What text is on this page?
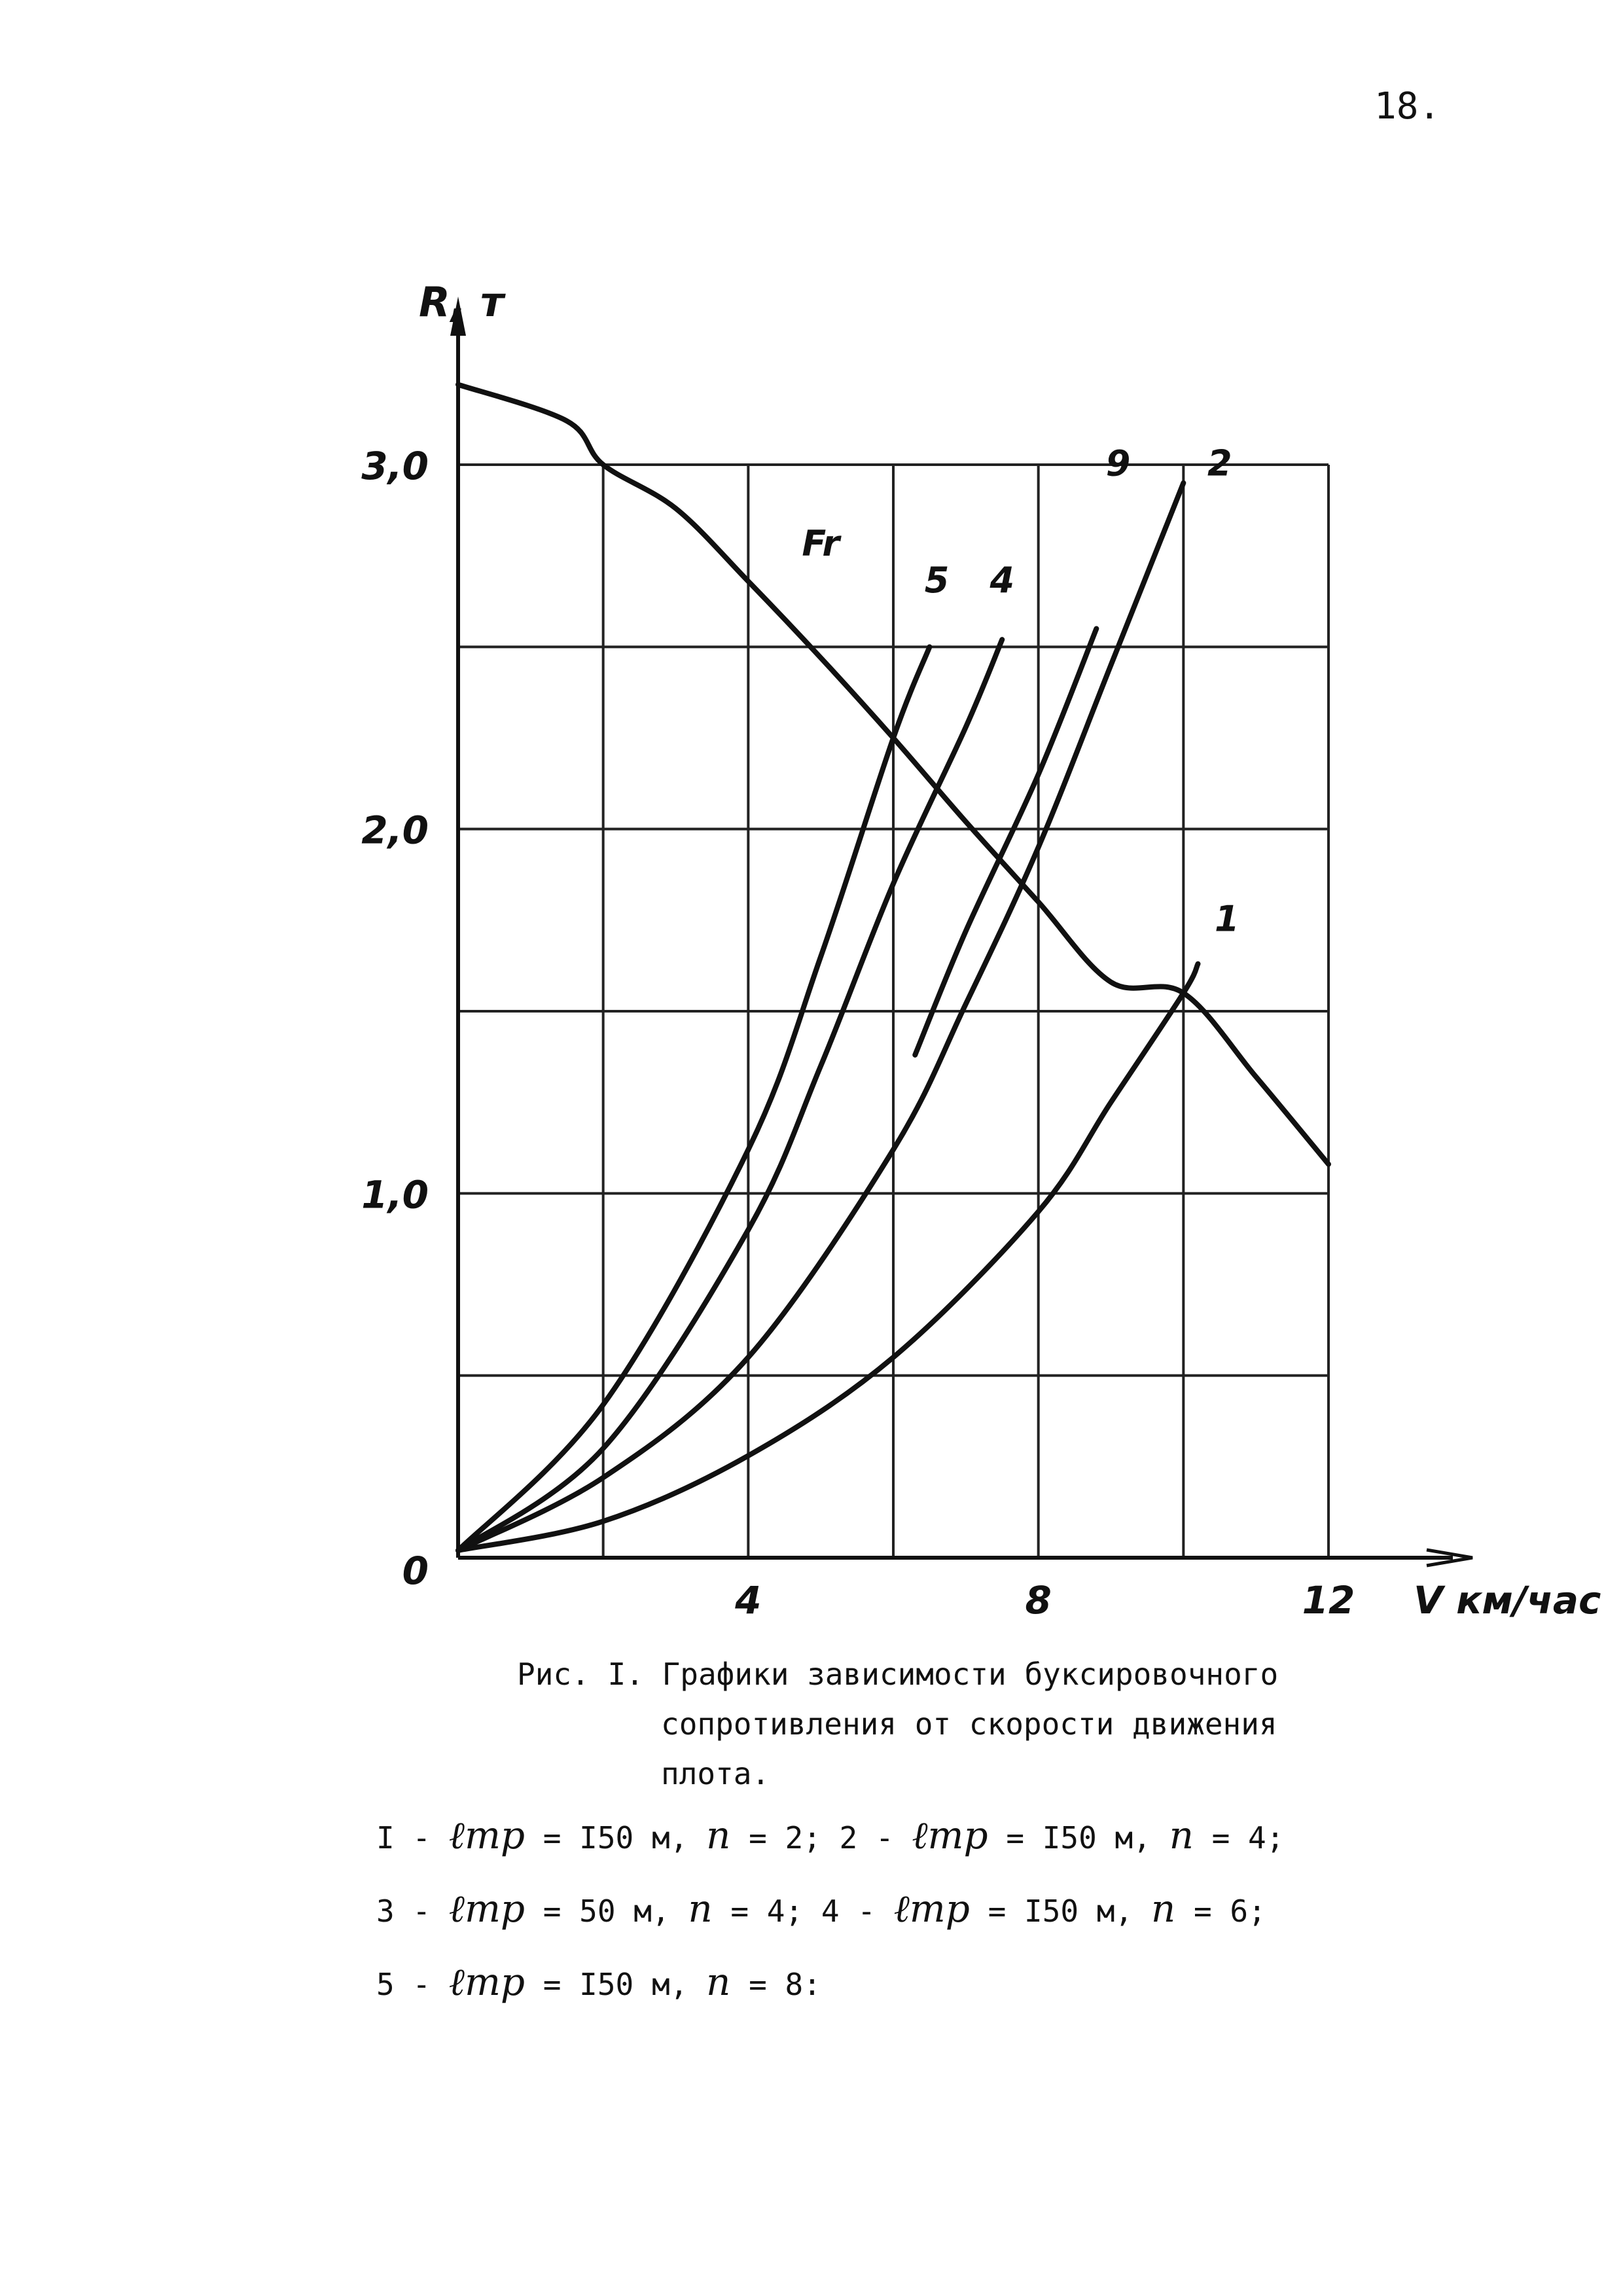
18.
4	8	12
1,0
2,0
3,0
0
R, т
V км/час
5 4
9 2
1
Fr
Рис. I. Графики зависимости буксировочного

сопротивления от скорости движения
плота.
I - ℓтр = I50 м, n = 2; 2 - ℓтр = I50 м, n = 4;
3 - ℓтр = 50 м, n = 4; 4 - ℓтр = I50 м, n = 6;
5 - ℓтр = I50 м, n = 8:
